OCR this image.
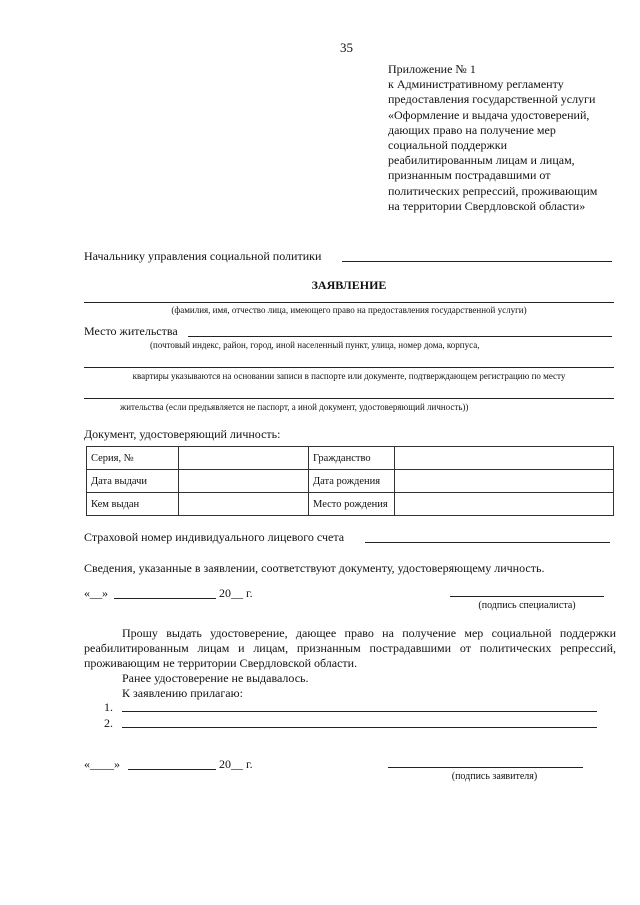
35
Приложение № 1
к Административному регламенту
предоставления государственной услуги
«Оформление и выдача удостоверений,
дающих право на получение мер
социальной поддержки
реабилитированным лицам и лицам,
признанным пострадавшими от
политических репрессий, проживающим
на территории Свердловской области»
Начальнику управления социальной политики
ЗАЯВЛЕНИЕ
(фамилия, имя, отчество лица, имеющего право на предоставления государственной услуги)
Место жительства
(почтовый индекс, район, город, иной населенный пункт, улица, номер дома, корпуса,
квартиры указываются на основании записи в паспорте или документе, подтверждающем регистрацию по месту
жительства (если предъявляется не паспорт, а иной документ, удостоверяющий личность))
Документ, удостоверяющий личность:
Серия, №		Гражданство	
Дата выдачи		Дата рождения	
Кем выдан		Место рождения	
Страховой номер индивидуального лицевого счета
Сведения, указанные в заявлении, соответствуют документу, удостоверяющему личность.
«__»	20__ г.
(подпись специалиста)
Прошу выдать удостоверение, дающее право на получение мер социальной поддержки реабилитированным лицам и лицам, признанным пострадавшими от политических репрессий, проживающим не территории Свердловской области.
Ранее удостоверение не выдавалось.
К заявлению прилагаю:
1.
2.
«____»	20__ г.
(подпись заявителя)
